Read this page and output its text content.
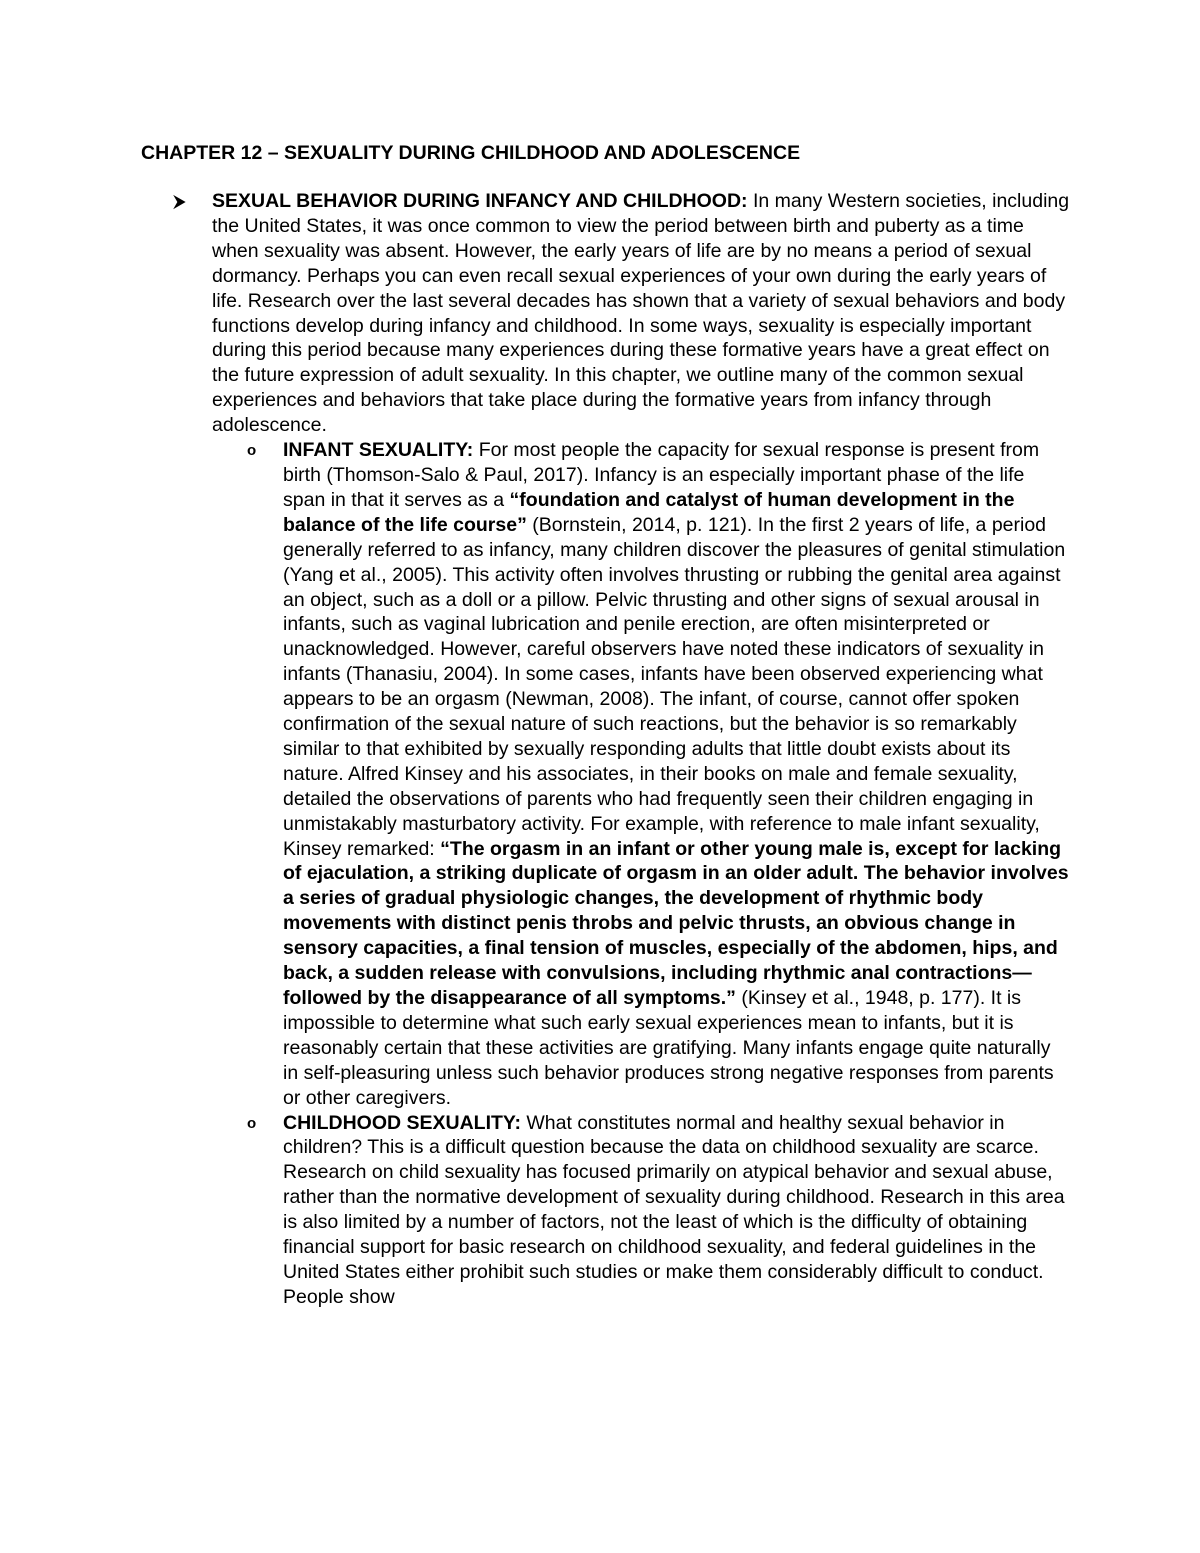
CHAPTER 12 – SEXUALITY DURING CHILDHOOD AND ADOLESCENCE
⮞ SEXUAL BEHAVIOR DURING INFANCY AND CHILDHOOD: In many Western societies, including the United States, it was once common to view the period between birth and puberty as a time when sexuality was absent. However, the early years of life are by no means a period of sexual dormancy. Perhaps you can even recall sexual experiences of your own during the early years of life. Research over the last several decades has shown that a variety of sexual behaviors and body functions develop during infancy and childhood. In some ways, sexuality is especially important during this period because many experiences during these formative years have a great effect on the future expression of adult sexuality. In this chapter, we outline many of the common sexual experiences and behaviors that take place during the formative years from infancy through adolescence.

o INFANT SEXUALITY: For most people the capacity for sexual response is present from birth (Thomson-Salo & Paul, 2017). Infancy is an especially important phase of the life span in that it serves as a “foundation and catalyst of human development in the balance of the life course” (Bornstein, 2014, p. 121). In the first 2 years of life, a period generally referred to as infancy, many children discover the pleasures of genital stimulation (Yang et al., 2005). This activity often involves thrusting or rubbing the genital area against an object, such as a doll or a pillow. Pelvic thrusting and other signs of sexual arousal in infants, such as vaginal lubrication and penile erection, are often misinterpreted or unacknowledged. However, careful observers have noted these indicators of sexuality in infants (Thanasiu, 2004). In some cases, infants have been observed experiencing what appears to be an orgasm (Newman, 2008). The infant, of course, cannot offer spoken confirmation of the sexual nature of such reactions, but the behavior is so remarkably similar to that exhibited by sexually responding adults that little doubt exists about its nature. Alfred Kinsey and his associates, in their books on male and female sexuality, detailed the observations of parents who had frequently seen their children engaging in unmistakably masturbatory activity. For example, with reference to male infant sexuality, Kinsey remarked: “The orgasm in an infant or other young male is, except for lacking of ejaculation, a striking duplicate of orgasm in an older adult. The behavior involves a series of gradual physiologic changes, the development of rhythmic body movements with distinct penis throbs and pelvic thrusts, an obvious change in sensory capacities, a final tension of muscles, especially of the abdomen, hips, and back, a sudden release with convulsions, including rhythmic anal contractions—followed by the disappearance of all symptoms.” (Kinsey et al., 1948, p. 177). It is impossible to determine what such early sexual experiences mean to infants, but it is reasonably certain that these activities are gratifying. Many infants engage quite naturally in self-pleasuring unless such behavior produces strong negative responses from parents or other caregivers.

o CHILDHOOD SEXUALITY: What constitutes normal and healthy sexual behavior in children? This is a difficult question because the data on childhood sexuality are scarce. Research on child sexuality has focused primarily on atypical behavior and sexual abuse, rather than the normative development of sexuality during childhood. Research in this area is also limited by a number of factors, not the least of which is the difficulty of obtaining financial support for basic research on childhood sexuality, and federal guidelines in the United States either prohibit such studies or make them considerably difficult to conduct. People show
